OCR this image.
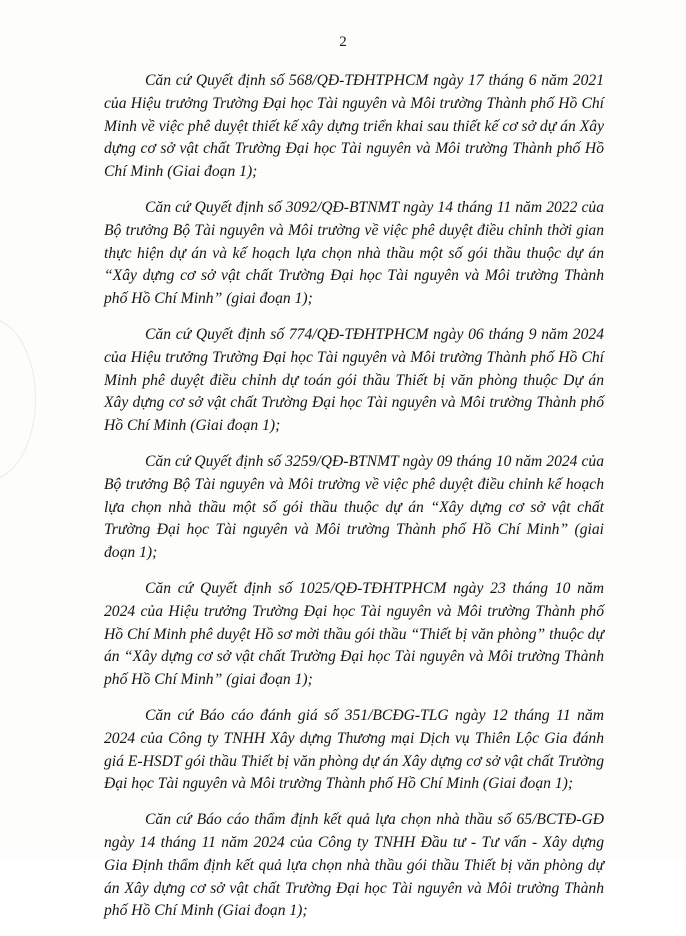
2

Căn cứ Quyết định số 568/QĐ-TĐHTPHCM ngày 17 tháng 6 năm 2021 của Hiệu trưởng Trường Đại học Tài nguyên và Môi trường Thành phố Hồ Chí Minh về việc phê duyệt thiết kế xây dựng triển khai sau thiết kế cơ sở dự án Xây dựng cơ sở vật chất Trường Đại học Tài nguyên và Môi trường Thành phố Hồ Chí Minh (Giai đoạn 1);

Căn cứ Quyết định số 3092/QĐ-BTNMT ngày 14 tháng 11 năm 2022 của Bộ trưởng Bộ Tài nguyên và Môi trường về việc phê duyệt điều chỉnh thời gian thực hiện dự án và kế hoạch lựa chọn nhà thầu một số gói thầu thuộc dự án “Xây dựng cơ sở vật chất Trường Đại học Tài nguyên và Môi trường Thành phố Hồ Chí Minh” (giai đoạn 1);

Căn cứ Quyết định số 774/QĐ-TĐHTPHCM ngày 06 tháng 9 năm 2024 của Hiệu trưởng Trường Đại học Tài nguyên và Môi trường Thành phố Hồ Chí Minh phê duyệt điều chỉnh dự toán gói thầu Thiết bị văn phòng thuộc Dự án Xây dựng cơ sở vật chất Trường Đại học Tài nguyên và Môi trường Thành phố Hồ Chí Minh (Giai đoạn 1);

Căn cứ Quyết định số 3259/QĐ-BTNMT ngày 09 tháng 10 năm 2024 của Bộ trưởng Bộ Tài nguyên và Môi trường về việc phê duyệt điều chỉnh kế hoạch lựa chọn nhà thầu một số gói thầu thuộc dự án “Xây dựng cơ sở vật chất Trường Đại học Tài nguyên và Môi trường Thành phố Hồ Chí Minh” (giai đoạn 1);

Căn cứ Quyết định số 1025/QĐ-TĐHTPHCM ngày 23 tháng 10 năm 2024 của Hiệu trưởng Trường Đại học Tài nguyên và Môi trường Thành phố Hồ Chí Minh phê duyệt Hồ sơ mời thầu gói thầu “Thiết bị văn phòng” thuộc dự án “Xây dựng cơ sở vật chất Trường Đại học Tài nguyên và Môi trường Thành phố Hồ Chí Minh” (giai đoạn 1);

Căn cứ Báo cáo đánh giá số 351/BCĐG-TLG ngày 12 tháng 11 năm 2024 của Công ty TNHH Xây dựng Thương mại Dịch vụ Thiên Lộc Gia đánh giá E-HSDT gói thầu Thiết bị văn phòng dự án Xây dựng cơ sở vật chất Trường Đại học Tài nguyên và Môi trường Thành phố Hồ Chí Minh (Giai đoạn 1);

Căn cứ Báo cáo thẩm định kết quả lựa chọn nhà thầu số 65/BCTĐ-GĐ ngày 14 tháng 11 năm 2024 của Công ty TNHH Đầu tư - Tư vấn - Xây dựng Gia Định thẩm định kết quả lựa chọn nhà thầu gói thầu Thiết bị văn phòng dự án Xây dựng cơ sở vật chất Trường Đại học Tài nguyên và Môi trường Thành phố Hồ Chí Minh (Giai đoạn 1);
